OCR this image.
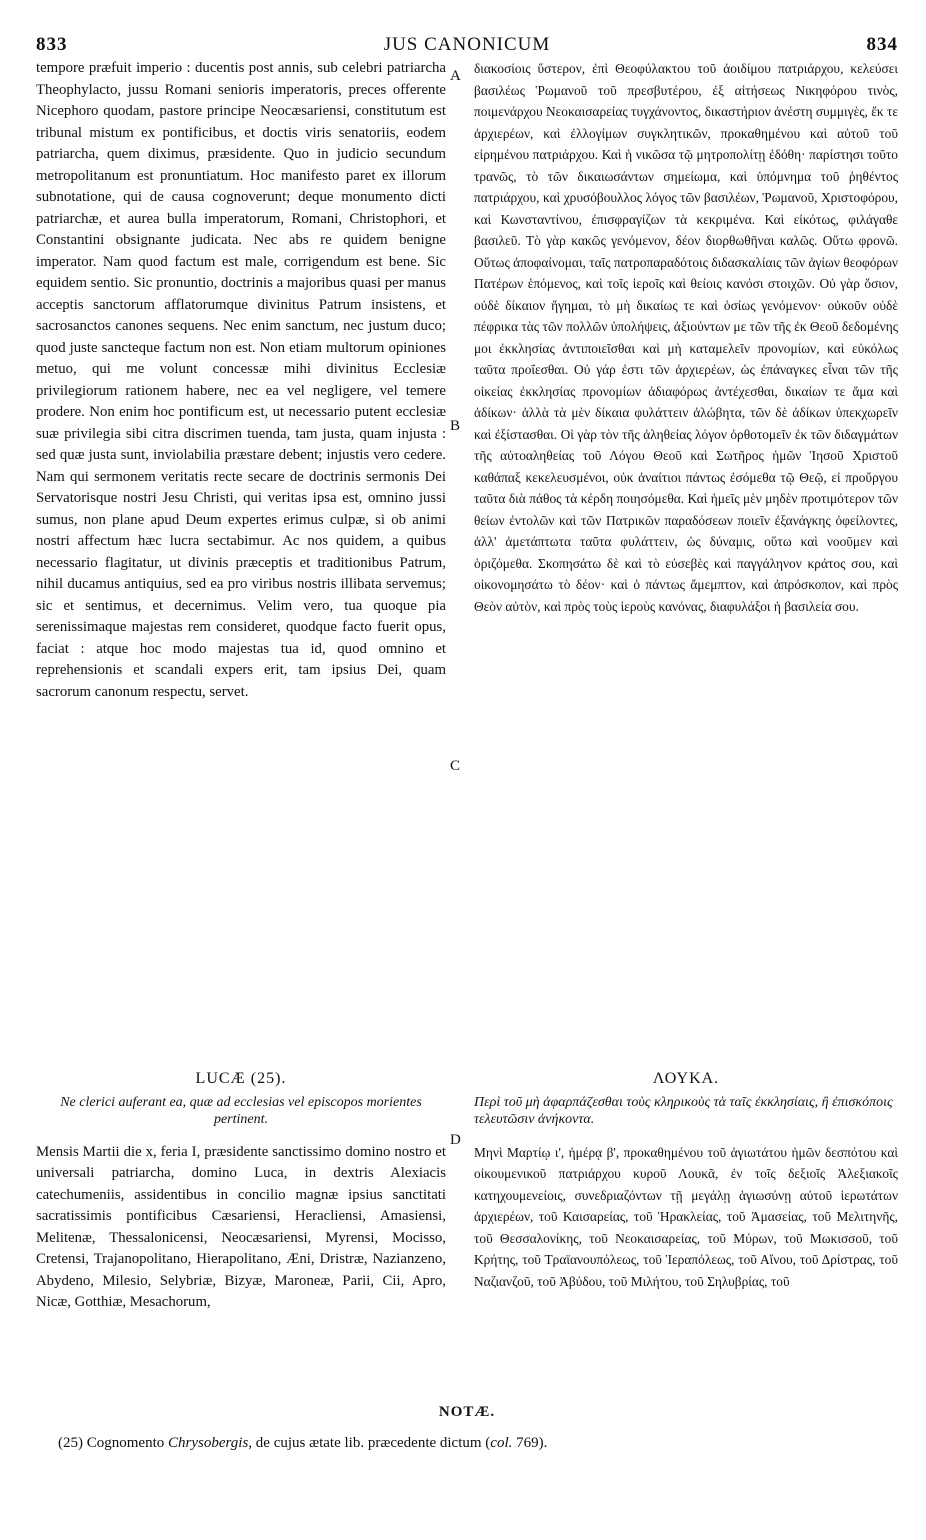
833	JUS CANONICUM	834
tempore præfuit imperio : ducentis post annis, sub celebri patriarcha Theophylacto, jussu Romani senioris imperatoris, preces offerente Nicephoro quodam, pastore principe Neocæsariensi, constitutum est tribunal mistum ex pontificibus, et doctis viris senatoriis, eodem patriarcha, quem diximus, præsidente. Quo in judicio secundum metropolitanum est pronuntiatum. Hoc manifesto paret ex illorum subnotatione, qui de causa cognoverunt; deque monumento dicti patriarchæ, et aurea bulla imperatorum, Romani, Christophori, et Constantini obsignante judicata. Nec abs re quidem benigne imperator. Nam quod factum est male, corrigendum est bene. Sic equidem sentio. Sic pronuntio, doctrinis a majoribus quasi per manus acceptis sanctorum afflatorumque divinitus Patrum insistens, et sacrosanctos canones sequens. Nec enim sanctum, nec justum duco; quod juste sancteque factum non est. Non etiam multorum opiniones metuo, qui me volunt concessæ mihi divinitus Ecclesiæ privilegiorum rationem habere, nec ea vel negligere, vel temere prodere. Non enim hoc pontificum est, ut necessario putent ecclesiæ suæ privilegia sibi citra discrimen tuenda, tam justa, quam injusta : sed quæ justa sunt, inviolabilia præstare debent; injustis vero cedere. Nam qui sermonem veritatis recte secare de doctrinis sermonis Dei Servatorisque nostri Jesu Christi, qui veritas ipsa est, omnino jussi sumus, non plane apud Deum expertes erimus culpæ, si ob animi nostri affectum hæc lucra sectabimur. Ac nos quidem, a quibus necessario flagitatur, ut divinis præceptis et traditionibus Patrum, nihil ducamus antiquius, sed ea pro viribus nostris illibata servemus; sic et sentimus, et decernimus. Velim vero, tua quoque pia serenissimaque majestas rem consideret, quodque facto fuerit opus, faciat : atque hoc modo majestas tua id, quod omnino et reprehensionis et scandali expers erit, tam ipsius Dei, quam sacrorum canonum respectu, servet.
A
B
C
διακοσίοις ὕστερον, ἐπὶ Θεοφύλακτου τοῦ ἀοιδίμου πατριάρχου, κελεύσει βασιλέως Ῥωμανοῦ τοῦ πρεσβυτέρου, ἐξ αἰτήσεως Νικηφόρου τινὸς, ποιμενάρχου Νεοκαισαρείας τυγχάνοντος, δικαστήριον ἀνέστη συμμιγὲς, ἔκ τε ἀρχιερέων, καὶ ἐλλογίμων συγκλητικῶν, προκαθημένου καὶ αὐτοῦ τοῦ εἰρημένου πατριάρχου. Καὶ ἡ νικῶσα τῷ μητροπολίτῃ ἐδόθη· παρίστησι τοῦτο τρανῶς, τὸ τῶν δικαιωσάντων σημείωμα, καὶ ὑπόμνημα τοῦ ῥηθέντος πατριάρχου, καὶ χρυσόβουλλος λόγος τῶν βασιλέων, Ῥωμανοῦ, Χριστοφόρου, καὶ Κωνσταντίνου, ἐπισφραγίζων τὰ κεκριμένα. Καὶ εἰκότως, φιλάγαθε βασιλεῦ. Τὸ γὰρ κακῶς γενόμενον, δέον διορθωθῆναι καλῶς. Οὕτω φρονῶ. Οὕτως ἀποφαίνομαι, ταῖς πατροπαραδότοις διδασκαλίαις τῶν ἁγίων θεοφόρων Πατέρων ἑπόμενος, καὶ τοῖς ἱεροῖς καὶ θείοις κανόσι στοιχῶν. Οὐ γὰρ ὅσιον, οὐδὲ δίκαιον ἥγημαι, τὸ μὴ δικαίως τε καὶ ὁσίως γενόμενον· οὐκοῦν οὐδὲ πέφρικα τὰς τῶν πολλῶν ὑπολήψεις, ἀξιούντων με τῶν τῆς ἐκ Θεοῦ δεδομένης μοι ἐκκλησίας ἀντιποιεῖσθαι καὶ μὴ καταμελεῖν προνομίων, καὶ εὐκόλως ταῦτα προΐεσθαι. Οὐ γάρ ἐστι τῶν ἀρχιερέων, ὡς ἐπάναγκες εἶναι τῶν τῆς οἰκείας ἐκκλησίας προνομίων ἀδιαφόρως ἀντέχεσθαι, δικαίων τε ἅμα καὶ ἀδίκων· ἀλλὰ τὰ μὲν δίκαια φυλάττειν ἀλώβητα, τῶν δὲ ἀδίκων ὑπεκχωρεῖν καὶ ἐξίστασθαι. Οἱ γὰρ τὸν τῆς ἀληθείας λόγον ὀρθοτομεῖν ἐκ τῶν διδαγμάτων τῆς αὐτοαληθείας τοῦ Λόγου Θεοῦ καὶ Σωτῆρος ἡμῶν Ἰησοῦ Χριστοῦ καθάπαξ κεκελευσμένοι, οὐκ ἀναίτιοι πάντως ἐσόμεθα τῷ Θεῷ, εἰ προὔργου ταῦτα διὰ πάθος τὰ κέρδη ποιησόμεθα. Καὶ ἡμεῖς μὲν μηδὲν προτιμότερον τῶν θείων ἐντολῶν καὶ τῶν Πατρικῶν παραδόσεων ποιεῖν ἐξανάγκης ὀφείλοντες, ἀλλ' ἀμετάπτωτα ταῦτα φυλάττειν, ὡς δύναμις, οὕτω καὶ νοοῦμεν καὶ ὁριζόμεθα. Σκοπησάτω δὲ καὶ τὸ εὐσεβὲς καὶ παγγάληνον κράτος σου, καὶ οἰκονομησάτω τὸ δέον· καὶ ὁ πάντως ἄμεμπτον, καὶ ἀπρόσκοπον, καὶ πρὸς Θεὸν αὐτὸν, καὶ πρὸς τοὺς ἱεροὺς κανόνας, διαφυλάξοι ἡ βασιλεία σου.
LUCÆ (25).
Ne clerici auferant ea, quæ ad ecclesias vel episcopos morientes pertinent.
Mensis Martii die x, feria I, præsidente sanctissimo domino nostro et universali patriarcha, domino Luca, in dextris Alexiacis catechumeniis, assidentibus in concilio magnæ ipsius sanctitati sacratissimis pontificibus Cæsariensi, Heracliensi, Amasiensi, Melitenæ, Thessalonicensi, Neocæsariensi, Myrensi, Mocisso, Cretensi, Trajanopolitano, Hierapolitano, Æni, Dristræ, Nazianzeno, Abydeno, Milesio, Selybriæ, Bizyæ, Maroneæ, Parii, Cii, Apro, Nicæ, Gotthiæ, Mesachorum,
D
ΛΟΥΚΑ.
Περὶ τοῦ μὴ ἀφαρπάζεσθαι τοὺς κληρικοὺς τὰ ταῖς ἐκκλησίαις, ἢ ἐπισκόποις τελευτῶσιν ἀνήκοντα.
Μηνὶ Μαρτίῳ ι', ἡμέρᾳ β', προκαθημένου τοῦ ἁγιωτάτου ἡμῶν δεσπότου καὶ οἰκουμενικοῦ πατριάρχου κυροῦ Λουκᾶ, ἐν τοῖς δεξιοῖς Ἀλεξιακοῖς κατηχουμενείοις, συνεδριαζόντων τῇ μεγάλῃ ἁγιωσύνῃ αὐτοῦ ἱερωτάτων ἀρχιερέων, τοῦ Καισαρείας, τοῦ Ἡρακλείας, τοῦ Ἀμασείας, τοῦ Μελιτηνῆς, τοῦ Θεσσαλονίκης, τοῦ Νεοκαισαρείας, τοῦ Μύρων, τοῦ Μωκισσοῦ, τοῦ Κρήτης, τοῦ Τραϊανουπόλεως, τοῦ Ἱεραπόλεως, τοῦ Αἴνου, τοῦ Δρίστρας, τοῦ Ναζιανζοῦ, τοῦ Ἀβύδου, τοῦ Μιλήτου, τοῦ Σηλυβρίας, τοῦ
NOTÆ.
(25) Cognomento Chrysobergis, de cujus ætate lib. præcedente dictum (col. 769).
